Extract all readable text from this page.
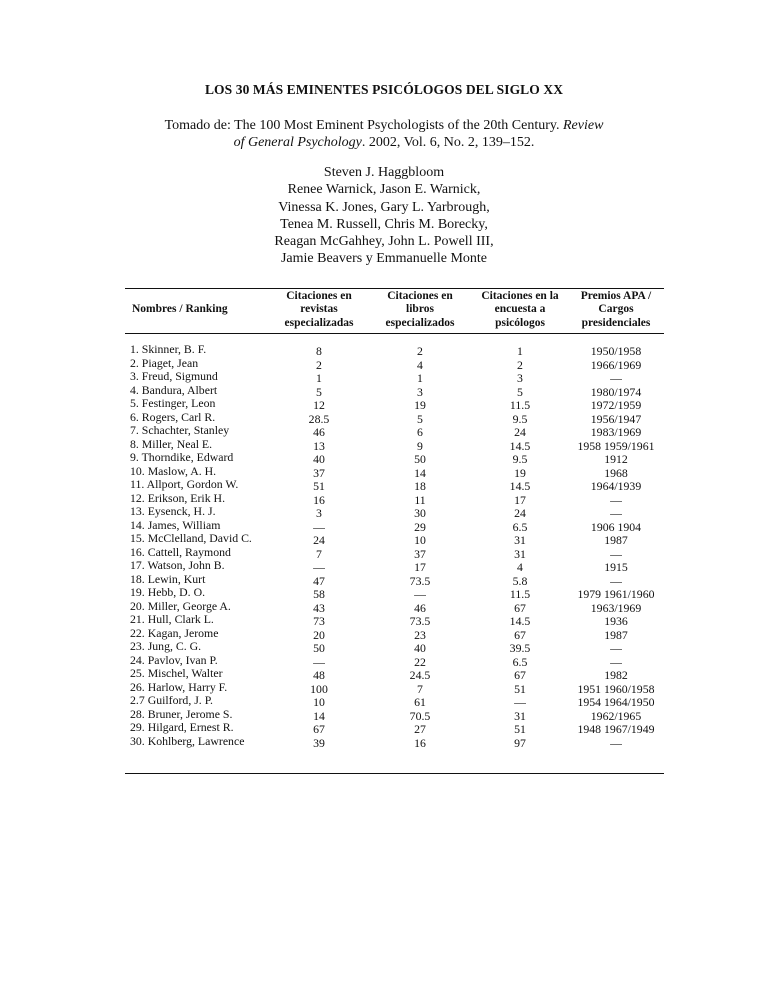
LOS 30 MÁS EMINENTES PSICÓLOGOS DEL SIGLO XX
Tomado de: The 100 Most Eminent Psychologists of the 20th Century. Review
of General Psychology. 2002, Vol. 6, No. 2, 139–152.
Steven J. Haggbloom
Renee Warnick, Jason E. Warnick,
Vinessa K. Jones, Gary L. Yarbrough,
Tenea M. Russell, Chris M. Borecky,
Reagan McGahhey, John L. Powell III,
Jamie Beavers y Emmanuelle Monte
Nombres / Ranking
Citaciones en
revistas
especializadas
Citaciones en
libros
especializados
Citaciones en la
encuesta a
psicólogos
Premios APA /
Cargos
presidenciales
1. Skinner, B. F.
2. Piaget, Jean
3. Freud, Sigmund
4. Bandura, Albert
5. Festinger, Leon
6. Rogers, Carl R.
7. Schachter, Stanley
8. Miller, Neal E.
9. Thorndike, Edward
10. Maslow, A. H.
11. Allport, Gordon W.
12. Erikson, Erik H.
13. Eysenck, H. J.
14. James, William
15. McClelland, David C.
16. Cattell, Raymond
17. Watson, John B.
18. Lewin, Kurt
19. Hebb, D. O.
20. Miller, George A.
21. Hull, Clark L.
22. Kagan, Jerome
23. Jung, C. G.
24. Pavlov, Ivan P.
25. Mischel, Walter
26. Harlow, Harry F.
2.7 Guilford, J. P.
28. Bruner, Jerome S.
29. Hilgard, Ernest R.
30. Kohlberg, Lawrence
8
2
1
5
12
28.5
46
13
40
37
51
16
3
—
24
7
—
47
58
43
73
20
50
—
48
100
10
14
67
39
2
4
1
3
19
5
6
9
50
14
18
11
30
29
10
37
17
73.5
—
46
73.5
23
40
22
24.5
7
61
70.5
27
16
1
2
3
5
11.5
9.5
24
14.5
9.5
19
14.5
17
24
6.5
31
31
4
5.8
11.5
67
14.5
67
39.5
6.5
67
51
—
31
51
97
1950/1958
1966/1969
—
1980/1974
1972/1959
1956/1947
1983/1969
1958 1959/1961
1912
1968
1964/1939
—
—
1906 1904
1987
—
1915
—
1979 1961/1960
1963/1969
1936
1987
—
—
1982
1951 1960/1958
1954 1964/1950
1962/1965
1948 1967/1949
—
